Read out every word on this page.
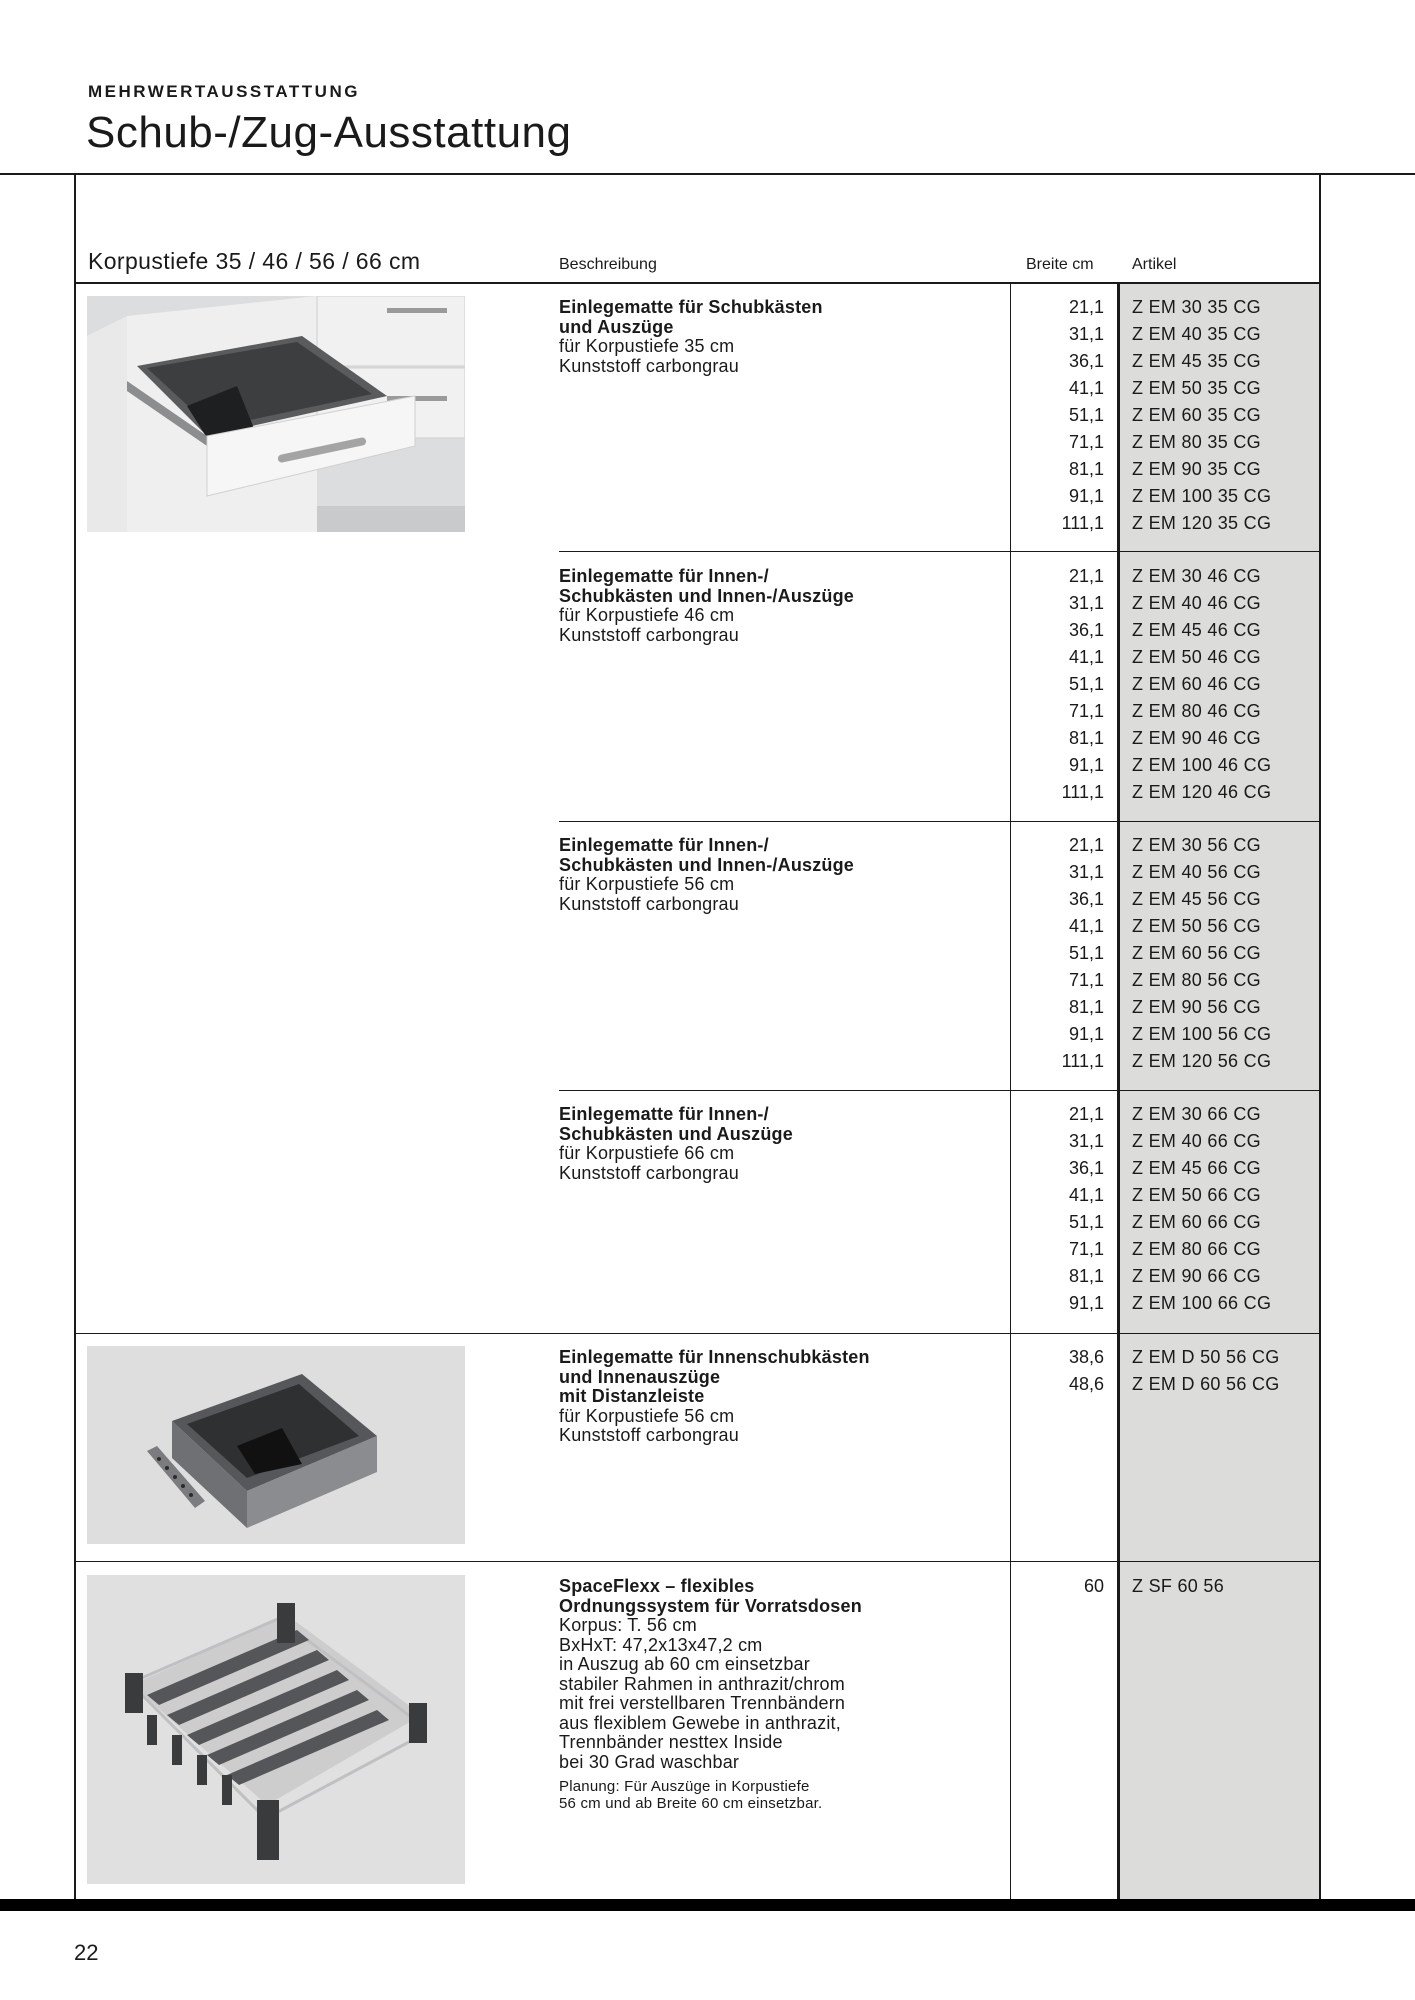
MEHRWERTAUSSTATTUNG
Schub-/Zug-Ausstattung
Korpustiefe 35 / 46 / 56 / 66 cm	Beschreibung	Breite cm Artikel
Einlegematte für Schubkästen
und Auszüge
für Korpustiefe 35 cm
Kunststoff carbongrau
21,1
31,1
36,1
41,1
51,1
71,1
81,1
91,1
111,1
Z EM 30 35 CG
Z EM 40 35 CG
Z EM 45 35 CG
Z EM 50 35 CG
Z EM 60 35 CG
Z EM 80 35 CG
Z EM 90 35 CG
Z EM 100 35 CG
Z EM 120 35 CG
Einlegematte für Innen-/
Schubkästen und Innen-/Auszüge
für Korpustiefe 46 cm
Kunststoff carbongrau
21,1
31,1
36,1
41,1
51,1
71,1
81,1
91,1
111,1
Z EM 30 46 CG
Z EM 40 46 CG
Z EM 45 46 CG
Z EM 50 46 CG
Z EM 60 46 CG
Z EM 80 46 CG
Z EM 90 46 CG
Z EM 100 46 CG
Z EM 120 46 CG
Einlegematte für Innen-/
Schubkästen und Innen-/Auszüge
für Korpustiefe 56 cm
Kunststoff carbongrau
21,1
31,1
36,1
41,1
51,1
71,1
81,1
91,1
111,1
Z EM 30 56 CG
Z EM 40 56 CG
Z EM 45 56 CG
Z EM 50 56 CG
Z EM 60 56 CG
Z EM 80 56 CG
Z EM 90 56 CG
Z EM 100 56 CG
Z EM 120 56 CG
Einlegematte für Innen-/
Schubkästen und Auszüge
für Korpustiefe 66 cm
Kunststoff carbongrau
21,1
31,1
36,1
41,1
51,1
71,1
81,1
91,1
Z EM 30 66 CG
Z EM 40 66 CG
Z EM 45 66 CG
Z EM 50 66 CG
Z EM 60 66 CG
Z EM 80 66 CG
Z EM 90 66 CG
Z EM 100 66 CG
Einlegematte für Innenschubkästen
und Innenauszüge
mit Distanzleiste
für Korpustiefe 56 cm
Kunststoff carbongrau
38,6
48,6
Z EM D 50 56 CG
Z EM D 60 56 CG
SpaceFlexx – flexibles
Ordnungssystem für Vorratsdosen
Korpus: T. 56 cm
BxHxT: 47,2x13x47,2 cm
in Auszug ab 60 cm einsetzbar
stabiler Rahmen in anthrazit/chrom
mit frei verstellbaren Trennbändern
aus flexiblem Gewebe in anthrazit,
Trennbänder nesttex Inside
bei 30 Grad waschbar
Planung: Für Auszüge in Korpustiefe
56 cm und ab Breite 60 cm einsetzbar.
60 Z SF 60 56
22
